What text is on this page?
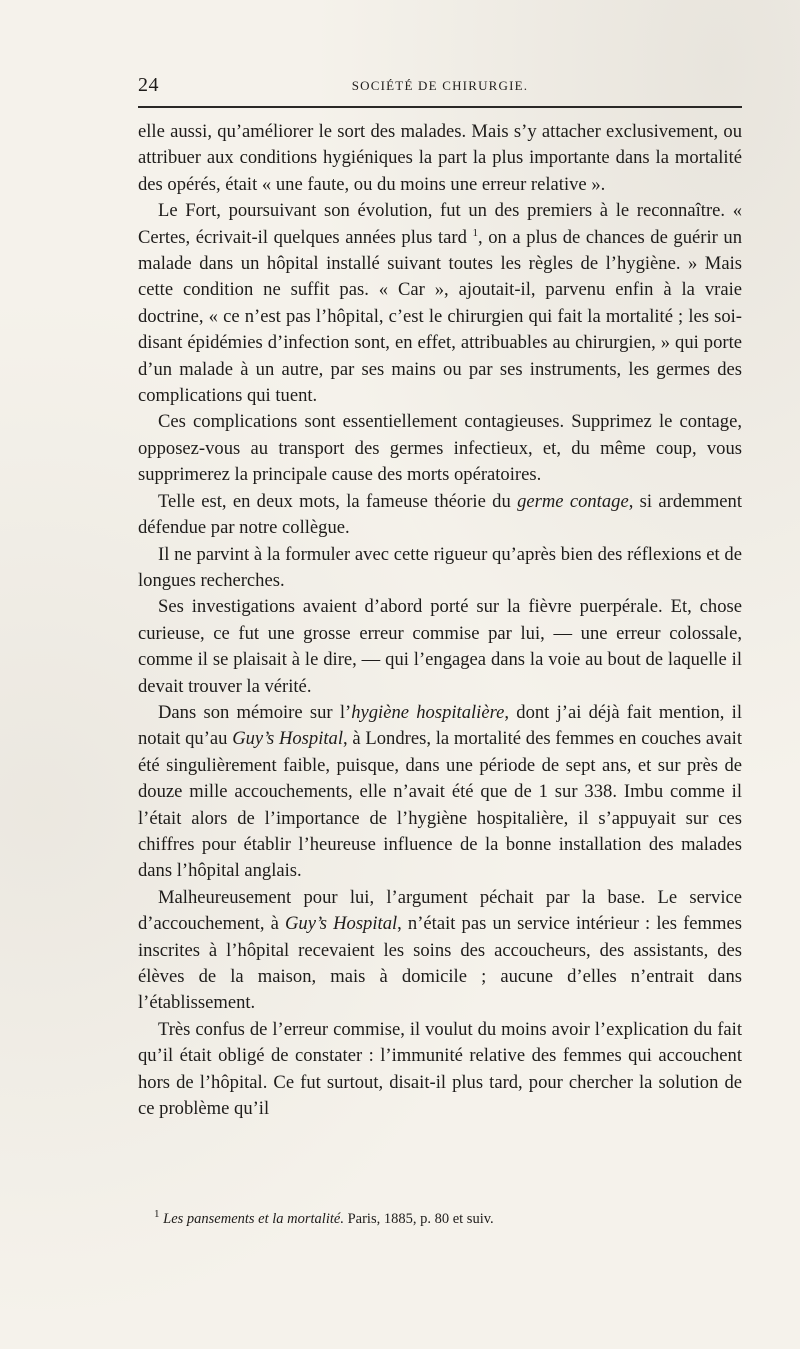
24	SOCIÉTÉ DE CHIRURGIE.

elle aussi, qu’améliorer le sort des malades. Mais s’y attacher exclusivement, ou attribuer aux conditions hygiéniques la part la plus importante dans la mortalité des opérés, était « une faute, ou du moins une erreur relative ».

Le Fort, poursuivant son évolution, fut un des premiers à le reconnaître. « Certes, écrivait-il quelques années plus tard $^1$, on a plus de chances de guérir un malade dans un hôpital installé suivant toutes les règles de l’hygiène. » Mais cette condition ne suffit pas. « Car », ajoutait-il, parvenu enfin à la vraie doctrine, « ce n’est pas l’hôpital, c’est le chirurgien qui fait la mortalité ; les soi-disant épidémies d’infection sont, en effet, attribuables au chirurgien, » qui porte d’un malade à un autre, par ses mains ou par ses instruments, les germes des complications qui tuent.

Ces complications sont essentiellement contagieuses. Supprimez le contage, opposez-vous au transport des germes infectieux, et, du même coup, vous supprimerez la principale cause des morts opératoires.

Telle est, en deux mots, la fameuse théorie du germe contage, si ardemment défendue par notre collègue.

Il ne parvint à la formuler avec cette rigueur qu’après bien des réflexions et de longues recherches.

Ses investigations avaient d’abord porté sur la fièvre puerpérale. Et, chose curieuse, ce fut une grosse erreur commise par lui, — une erreur colossale, comme il se plaisait à le dire, — qui l’engagea dans la voie au bout de laquelle il devait trouver la vérité.

Dans son mémoire sur l’hygiène hospitalière, dont j’ai déjà fait mention, il notait qu’au Guy’s Hospital, à Londres, la mortalité des femmes en couches avait été singulièrement faible, puisque, dans une période de sept ans, et sur près de douze mille accouchements, elle n’avait été que de 1 sur 338. Imbu comme il l’était alors de l’importance de l’hygiène hospitalière, il s’appuyait sur ces chiffres pour établir l’heureuse influence de la bonne installation des malades dans l’hôpital anglais.

Malheureusement pour lui, l’argument péchait par la base. Le service d’accouchement, à Guy’s Hospital, n’était pas un service intérieur : les femmes inscrites à l’hôpital recevaient les soins des accoucheurs, des assistants, des élèves de la maison, mais à domicile ; aucune d’elles n’entrait dans l’établissement.

Très confus de l’erreur commise, il voulut du moins avoir l’explication du fait qu’il était obligé de constater : l’immunité relative des femmes qui accouchent hors de l’hôpital. Ce fut surtout, disait-il plus tard, pour chercher la solution de ce problème qu’il

$^1$ Les pansements et la mortalité. Paris, 1885, p. 80 et suiv.
